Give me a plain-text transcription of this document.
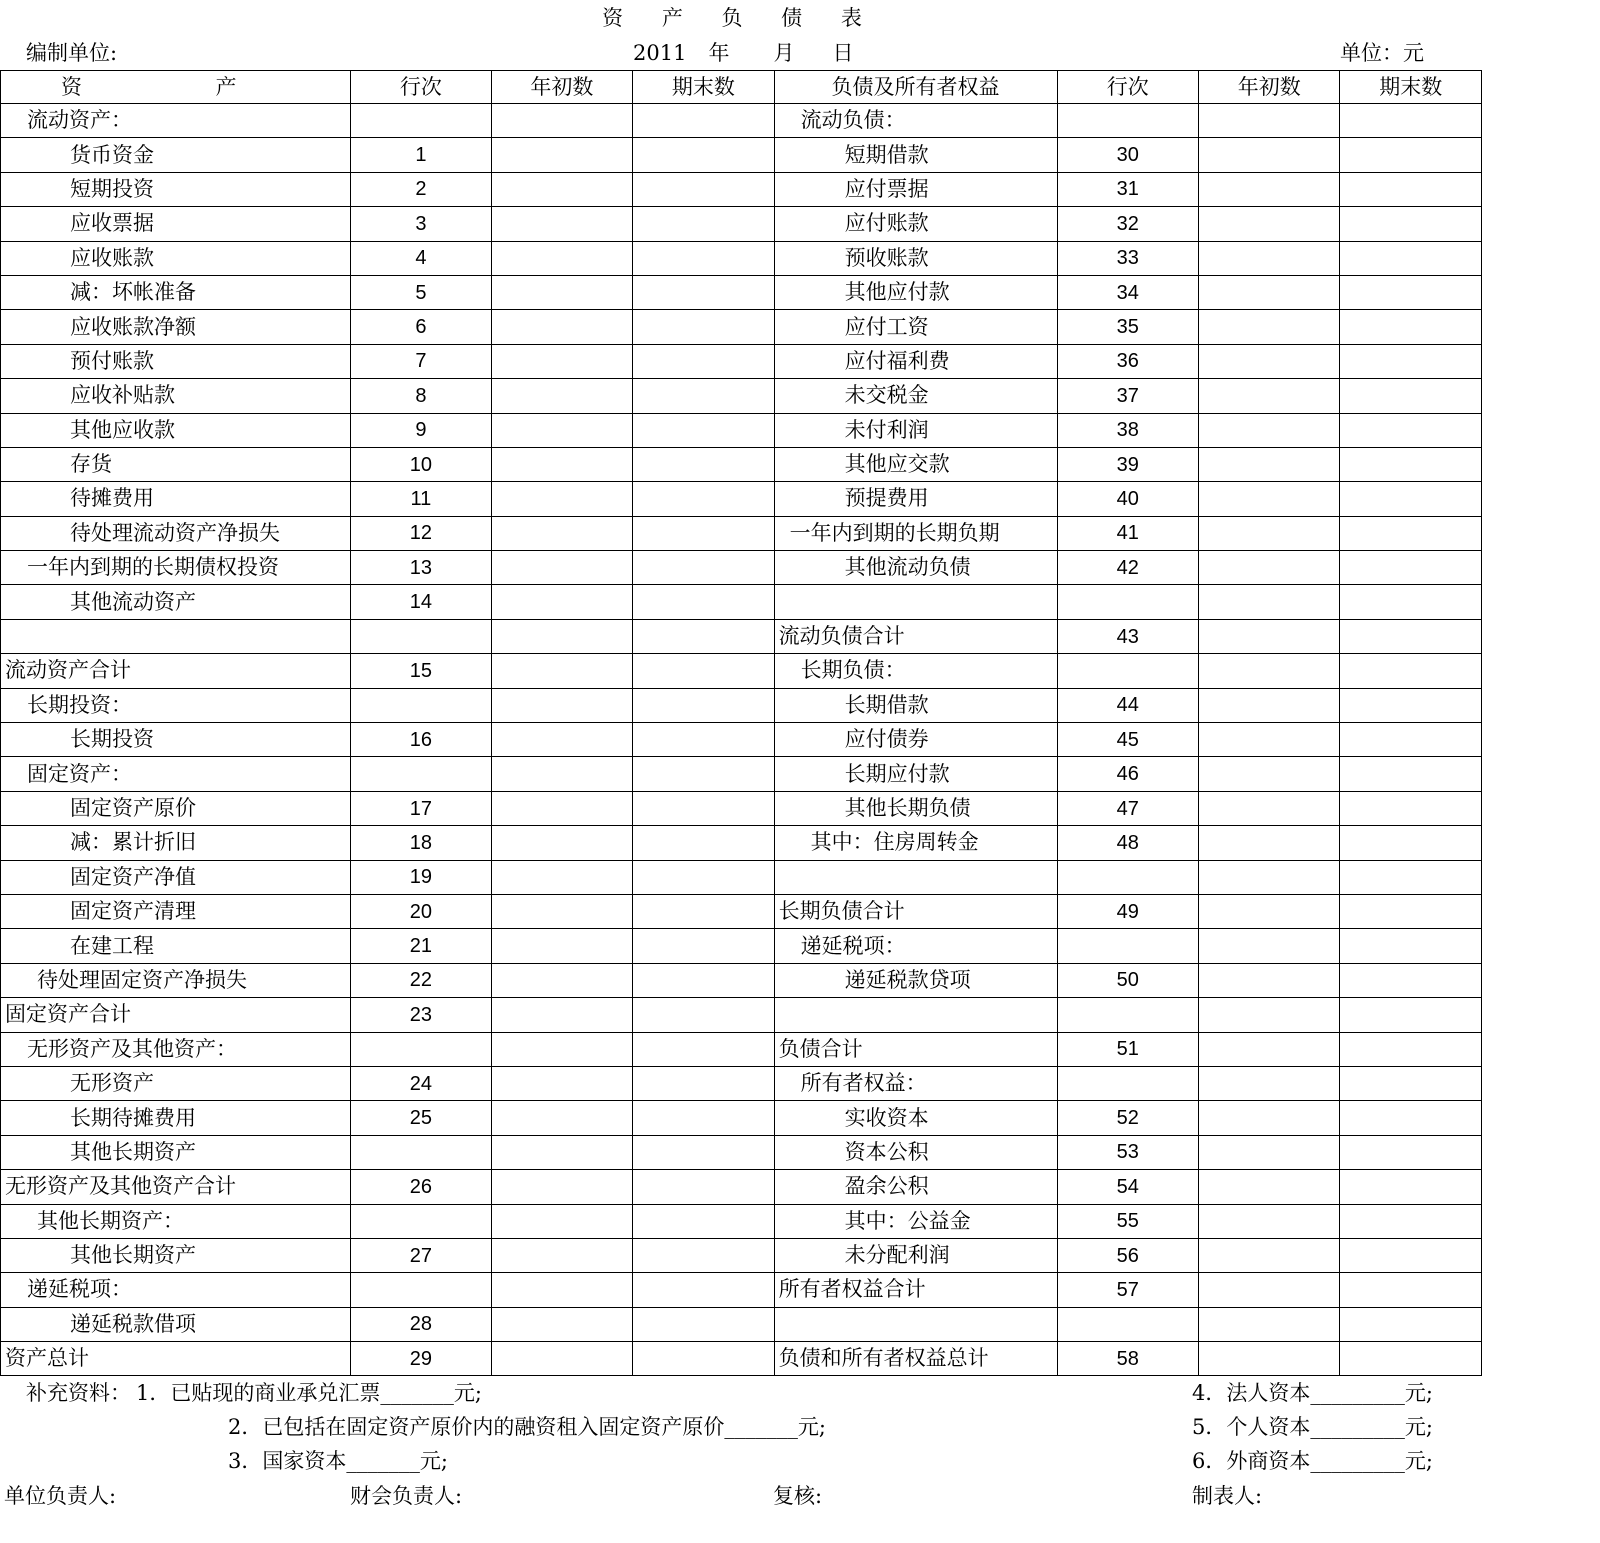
资 产 负 债 表
编制单位:	2011 年 月 日	单位：元
资                    产	行次	年初数	期末数	负债及所有者权益	行次	年初数	期末数
流动资产：				流动负债：			
货币资金	1			短期借款	30		
短期投资	2			应付票据	31		
应收票据	3			应付账款	32		
应收账款	4			预收账款	33		
减：坏帐准备	5			其他应付款	34		
应收账款净额	6			应付工资	35		
预付账款	7			应付福利费	36		
应收补贴款	8			未交税金	37		
其他应收款	9			未付利润	38		
存货	10			其他应交款	39		
待摊费用	11			预提费用	40		
待处理流动资产净损失	12			一年内到期的长期负期	41		
一年内到期的长期债权投资	13			其他流动负债	42		
其他流动资产	14						
				流动负债合计	43		
流动资产合计	15			长期负债：			
长期投资：				长期借款	44		
长期投资	16			应付债券	45		
固定资产：				长期应付款	46		
固定资产原价	17			其他长期负债	47		
减：累计折旧	18			其中：住房周转金	48		
固定资产净值	19						
固定资产清理	20			长期负债合计	49		
在建工程	21			递延税项：			
待处理固定资产净损失	22			递延税款贷项	50		
固定资产合计	23						
无形资产及其他资产：				负债合计	51		
无形资产	24			所有者权益：			
长期待摊费用	25			实收资本	52		
其他长期资产				资本公积	53		
无形资产及其他资产合计	26			盈余公积	54		
其他长期资产：				其中：公益金	55		
其他长期资产	27			未分配利润	56		
递延税项：				所有者权益合计	57		
递延税款借项	28						
资产总计	29			负债和所有者权益总计	58		
补充资料： 1．已贴现的商业承兑汇票_______元;
2．已包括在固定资产原价内的融资租入固定资产原价_______元;
3．国家资本_______元;
4．法人资本_________元;
5．个人资本_________元;
6．外商资本_________元;
单位负责人:	财会负责人:	复核:	制表人:
